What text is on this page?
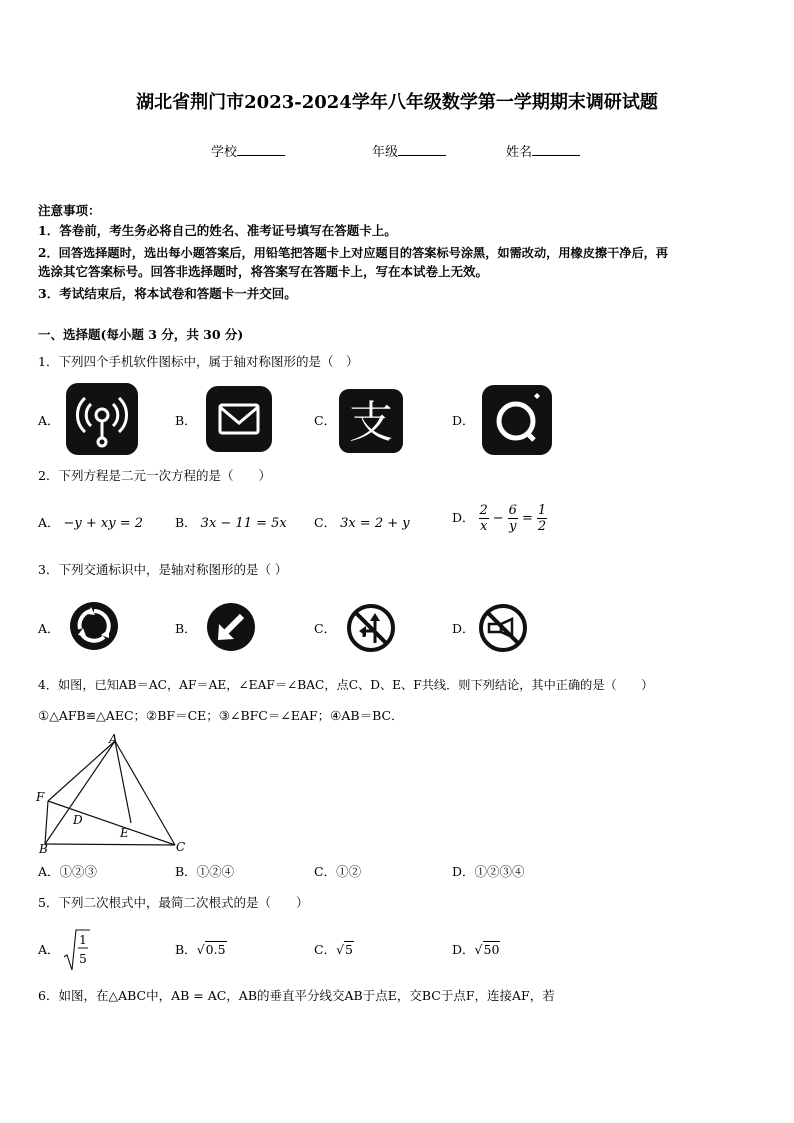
湖北省荆门市2023-2024学年八年级数学第一学期期末调研试题
学校	年级	姓名
注意事项：
1．答卷前，考生务必将自己的姓名、准考证号填写在答题卡上。
2．回答选择题时，选出每小题答案后，用铅笔把答题卡上对应题目的答案标号涂黑，如需改动，用橡皮擦干净后，再
选涂其它答案标号。回答非选择题时，将答案写在答题卡上，写在本试卷上无效。
3．考试结束后，将本试卷和答题卡一并交回。
一、选择题(每小题 3 分，共 30 分)
1．下列四个手机软件图标中，属于轴对称图形的是（　）
A．	B．	C． 支	D．
2．下列方程是二元一次方程的是（　　）
A． −y + xy = 2	B． 3x − 11 = 5x C． 3x = 2 + y	D． $\frac{2}{x} - \frac{6}{y} = \frac{1}{2}$
3．下列交通标识中，是轴对称图形的是（ ）
A．	B．	C．	D．
4．如图，已知AB＝AC，AF＝AE，∠EAF＝∠BAC，点C、D、E、F共线．则下列结论，其中正确的是（　　）
①△AFB≌△AEC；②BF＝CE；③∠BFC＝∠EAF；④AB＝BC．
A
F
D
E
B	C
A．①②③	B．①②④	C．①②	D．①②③④
5．下列二次根式中，最简二次根式的是（　　）
A．
1
5
B．√0.5	C．√5	D．√50
6．如图，在△ABC中，AB = AC，AB的垂直平分线交AB于点E，交BC于点F，连接AF，若
